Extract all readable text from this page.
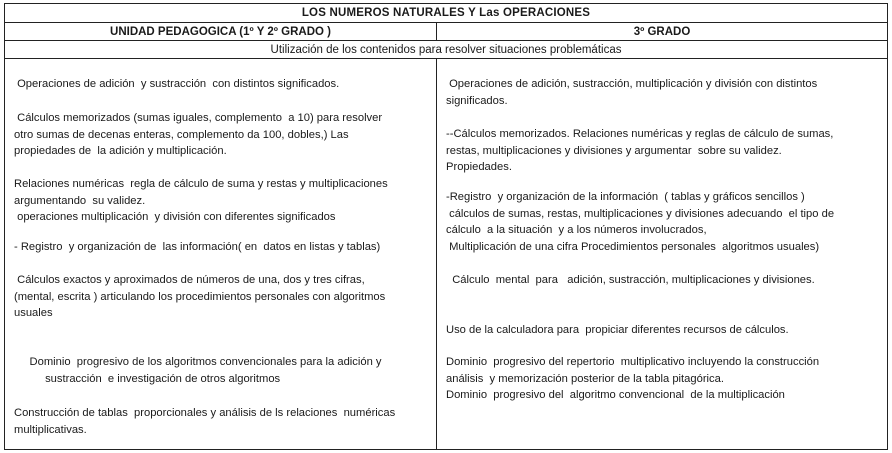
LOS NUMEROS NATURALES Y Las OPERACIONES
UNIDAD PEDAGOGICA (1º Y 2º GRADO )	3º GRADO
Utilización de los contenidos para resolver situaciones problemáticas
Operaciones de adición  y sustracción  con distintos significados.
Cálculos memorizados (sumas iguales, complemento  a 10) para resolver
otro sumas de decenas enteras, complemento da 100, dobles,) Las
propiedades de  la adición y multiplicación.
Relaciones numéricas  regla de cálculo de suma y restas y multiplicaciones
argumentando  su validez.
operaciones multiplicación  y división con diferentes significados
- Registro  y organización de  las información( en  datos en listas y tablas)
Cálculos exactos y aproximados de números de una, dos y tres cifras,
(mental, escrita ) articulando los procedimientos personales con algoritmos
usuales
Dominio  progresivo de los algoritmos convencionales para la adición y
sustracción  e investigación de otros algoritmos
Construcción de tablas  proporcionales y análisis de ls relaciones  numéricas
multiplicativas.
Operaciones de adición, sustracción, multiplicación y división con distintos
significados.
--Cálculos memorizados. Relaciones numéricas y reglas de cálculo de sumas,
restas, multiplicaciones y divisiones y argumentar  sobre su validez.
Propiedades.
-Registro  y organización de la información  ( tablas y gráficos sencillos )
cálculos de sumas, restas, multiplicaciones y divisiones adecuando  el tipo de
cálculo  a la situación  y a los números involucrados,
Multiplicación de una cifra Procedimientos personales  algoritmos usuales)
Cálculo  mental  para   adición, sustracción, multiplicaciones y divisiones.
Uso de la calculadora para  propiciar diferentes recursos de cálculos.
Dominio  progresivo del repertorio  multiplicativo incluyendo la construcción
análisis  y memorización posterior de la tabla pitagórica.
Dominio  progresivo del  algoritmo convencional  de la multiplicación
